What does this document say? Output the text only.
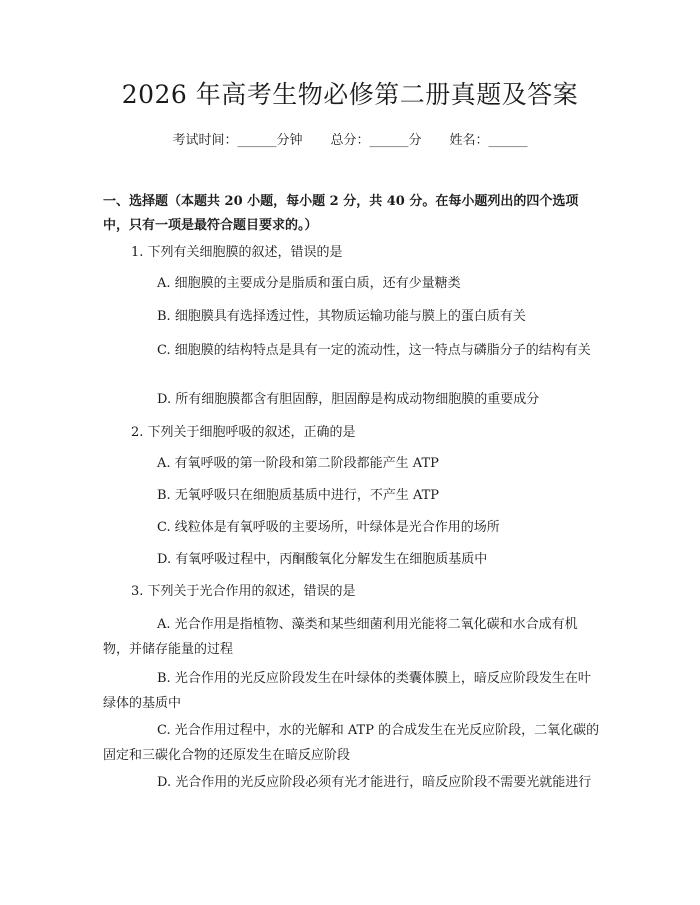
2026 年高考生物必修第二册真题及答案
考试时间：______分钟 总分：______分 姓名：______
一、选择题（本题共 20 小题，每小题 2 分，共 40 分。在每小题列出的四个选项中，只有一项是最符合题目要求的。）
1. 下列有关细胞膜的叙述，错误的是
A. 细胞膜的主要成分是脂质和蛋白质，还有少量糖类
B. 细胞膜具有选择透过性，其物质运输功能与膜上的蛋白质有关
C. 细胞膜的结构特点是具有一定的流动性，这一特点与磷脂分子的结构有关
D. 所有细胞膜都含有胆固醇，胆固醇是构成动物细胞膜的重要成分
2. 下列关于细胞呼吸的叙述，正确的是
A. 有氧呼吸的第一阶段和第二阶段都能产生 ATP
B. 无氧呼吸只在细胞质基质中进行，不产生 ATP
C. 线粒体是有氧呼吸的主要场所，叶绿体是光合作用的场所
D. 有氧呼吸过程中，丙酮酸氧化分解发生在细胞质基质中
3. 下列关于光合作用的叙述，错误的是
A. 光合作用是指植物、藻类和某些细菌利用光能将二氧化碳和水合成有机物，并储存能量的过程
B. 光合作用的光反应阶段发生在叶绿体的类囊体膜上，暗反应阶段发生在叶绿体的基质中
C. 光合作用过程中，水的光解和 ATP 的合成发生在光反应阶段，二氧化碳的固定和三碳化合物的还原发生在暗反应阶段
D. 光合作用的光反应阶段必须有光才能进行，暗反应阶段不需要光就能进行
